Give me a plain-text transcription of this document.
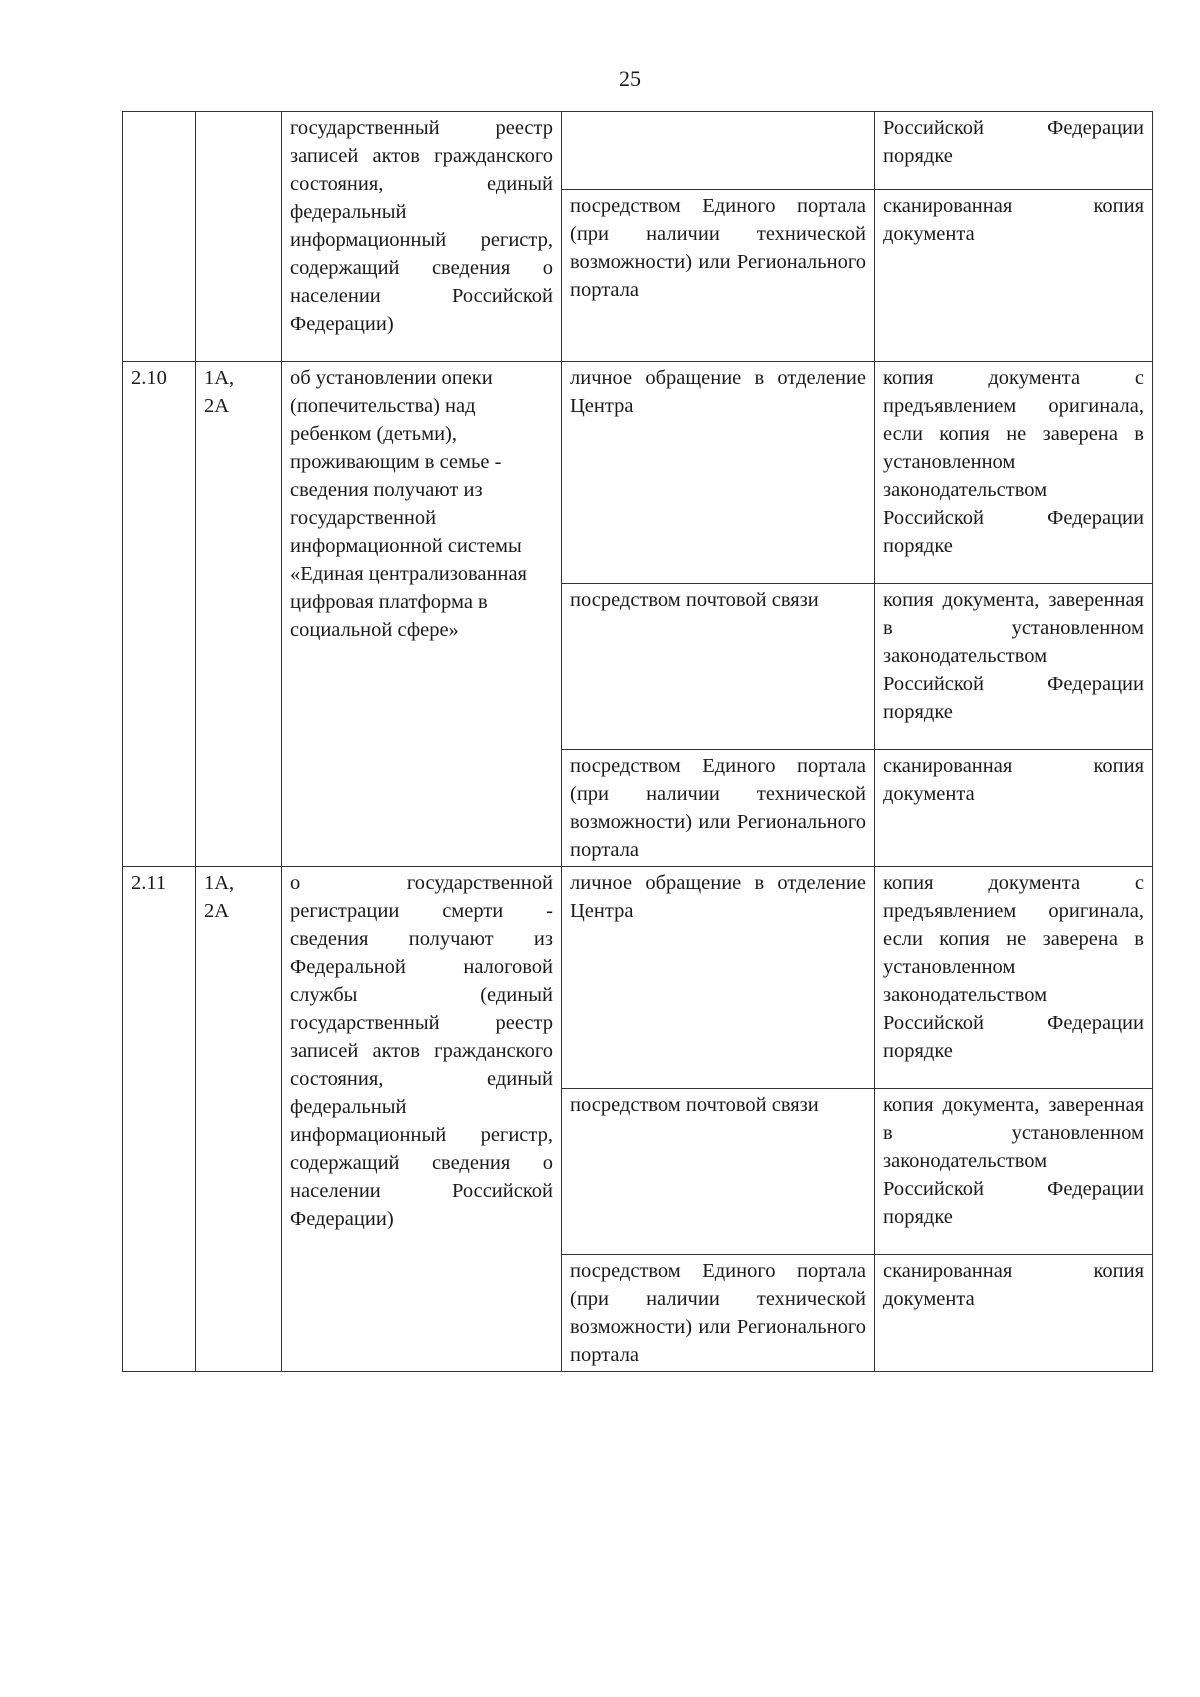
25

		государственный реестр записей актов гражданского состояния, единый федеральный информационный регистр, содержащий сведения о населении Российской Федерации)		Российской Федерации порядке

			посредством Единого портала (при наличии технической возможности) или Регионального портала	сканированная копия документа

2.10	1А, 2А	об установлении опеки (попечительства) над ребенком (детьми), проживающим в семье - сведения получают из государственной информационной системы «Единая централизованная цифровая платформа в социальной сфере»	личное обращение в отделение Центра	копия документа с предъявлением оригинала, если копия не заверена в установленном законодательством Российской Федерации порядке

			посредством почтовой связи	копия документа, заверенная в установленном законодательством Российской Федерации порядке

			посредством Единого портала (при наличии технической возможности) или Регионального портала	сканированная копия документа

2.11	1А, 2А	о государственной регистрации смерти - сведения получают из Федеральной налоговой службы (единый государственный реестр записей актов гражданского состояния, единый федеральный информационный регистр, содержащий сведения о населении Российской Федерации)	личное обращение в отделение Центра	копия документа с предъявлением оригинала, если копия не заверена в установленном законодательством Российской Федерации порядке

			посредством почтовой связи	копия документа, заверенная в установленном законодательством Российской Федерации порядке

			посредством Единого портала (при наличии технической возможности) или Регионального портала	сканированная копия документа
